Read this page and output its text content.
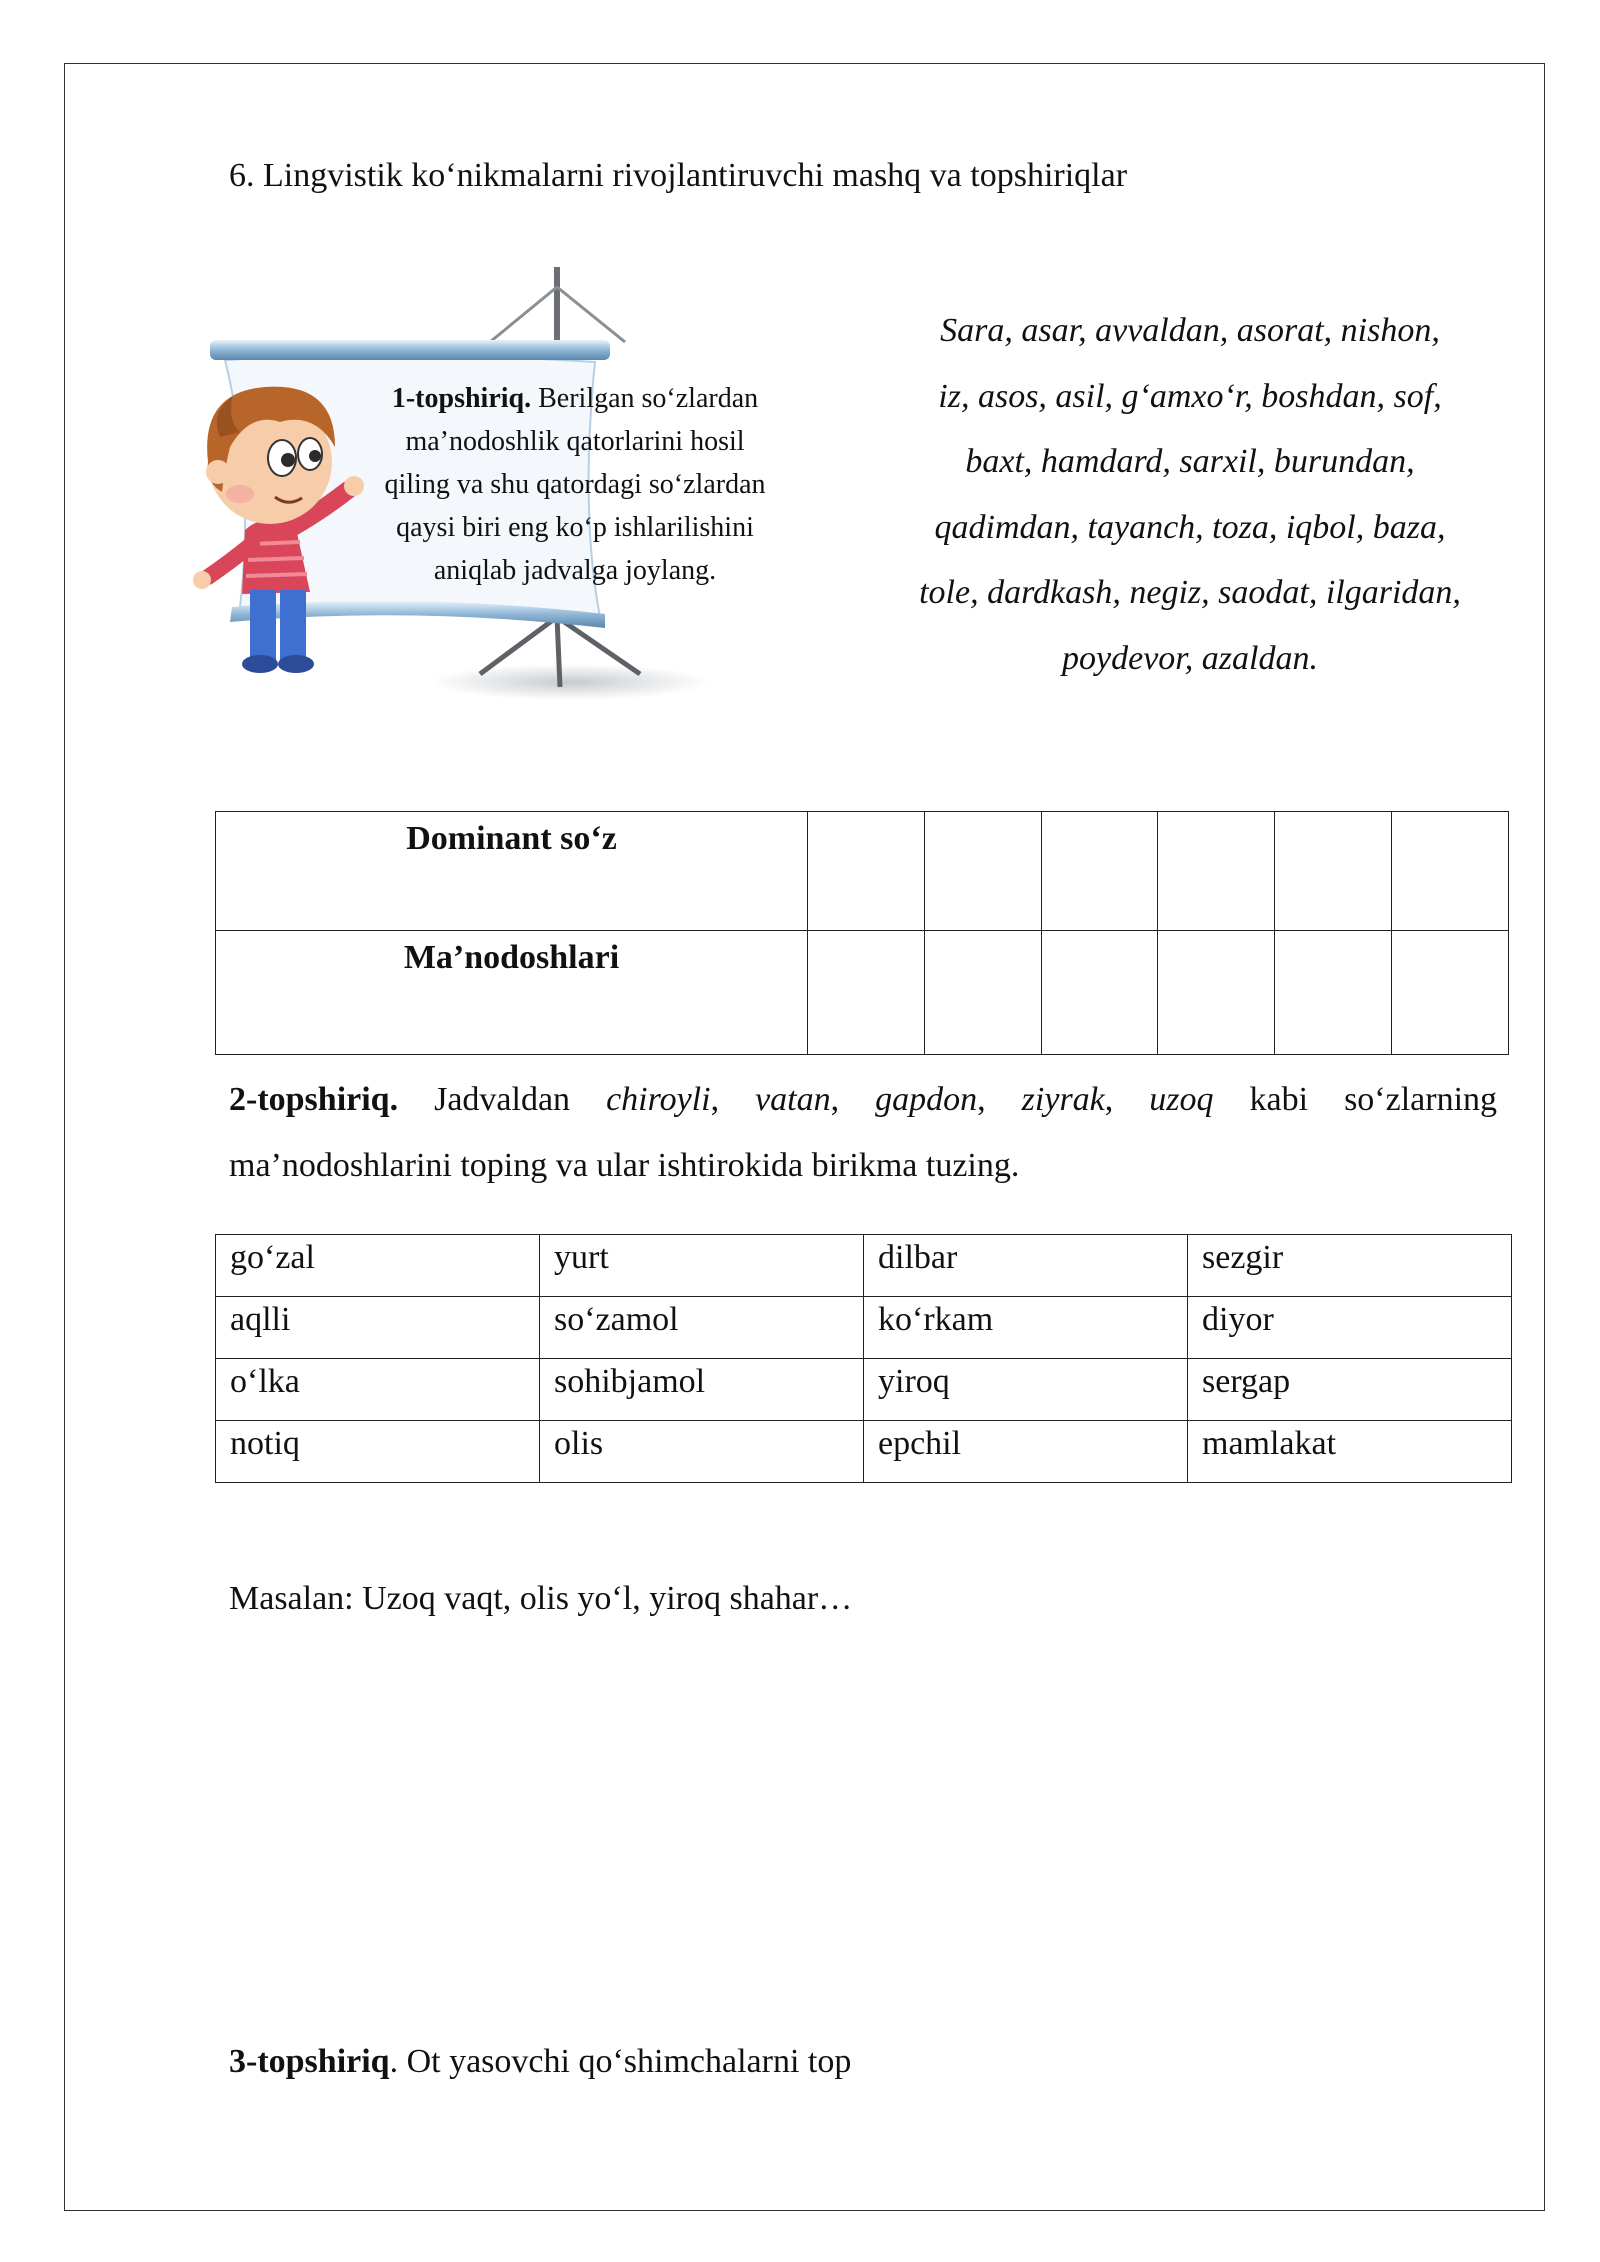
6. Lingvistik ko‘nikmalarni rivojlantiruvchi mashq va topshiriqlar
1-topshiriq. Berilgan so‘zlardan
ma’nodoshlik qatorlarini hosil
qiling va shu qatordagi so‘zlardan
qaysi biri eng ko‘p ishlarilishini
aniqlab jadvalga joylang.
Sara, asar, avvaldan, asorat, nishon,
iz, asos, asil, g‘amxo‘r, boshdan, sof,
baxt, hamdard, sarxil, burundan,
qadimdan, tayanch, toza, iqbol, baza,
tole, dardkash, negiz, saodat, ilgaridan,
poydevor, azaldan.
Dominant so‘z						
Ma’nodoshlari						
2-topshiriq. Jadvaldan chiroyli, vatan, gapdon, ziyrak, uzoq kabi so‘zlarning
ma’nodoshlarini toping va ular ishtirokida birikma tuzing.
go‘zal	yurt	dilbar	sezgir
aqlli	so‘zamol	ko‘rkam	diyor
o‘lka	sohibjamol	yiroq	sergap
notiq	olis	epchil	mamlakat
Masalan: Uzoq vaqt, olis yo‘l, yiroq shahar…
3-topshiriq. Ot yasovchi qo‘shimchalarni top
